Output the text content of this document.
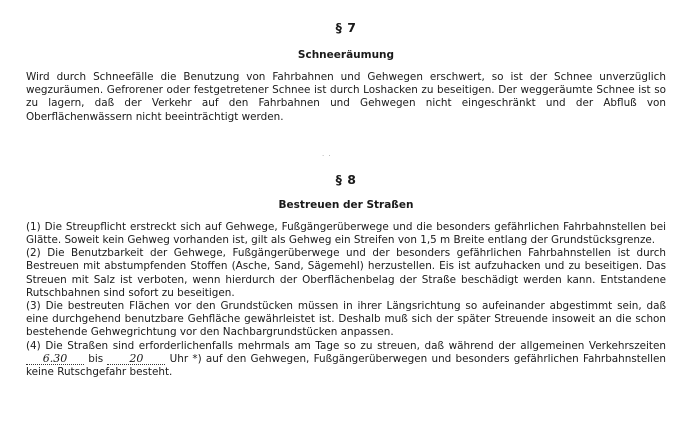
§ 7
Schneeräumung

Wird durch Schneefälle die Benutzung von Fahrbahnen und Gehwegen erschwert, so ist der Schnee unverzüglich wegzuräumen. Gefrorener oder festgetretener Schnee ist durch Loshacken zu beseitigen. Der weggeräumte Schnee ist so zu lagern, daß der Verkehr auf den Fahrbahnen und Gehwegen nicht eingeschränkt und der Abfluß von Oberflächenwässern nicht beeinträchtigt werden.

§ 8
Bestreuen der Straßen

(1) Die Streupflicht erstreckt sich auf Gehwege, Fußgängerüberwege und die besonders gefährlichen Fahrbahnstellen bei Glätte. Soweit kein Gehweg vorhanden ist, gilt als Gehweg ein Streifen von 1,5 m Breite entlang der Grundstücksgrenze.

(2) Die Benutzbarkeit der Gehwege, Fußgängerüberwege und der besonders gefährlichen Fahrbahnstellen ist durch Bestreuen mit abstumpfenden Stoffen (Asche, Sand, Sägemehl) herzustellen. Eis ist aufzuhacken und zu beseitigen. Das Streuen mit Salz ist verboten, wenn hierdurch der Oberflächenbelag der Straße beschädigt werden kann. Entstandene Rutschbahnen sind sofort zu beseitigen.

(3) Die bestreuten Flächen vor den Grundstücken müssen in ihrer Längsrichtung so aufeinander abgestimmt sein, daß eine durchgehend benutzbare Gehfläche gewährleistet ist. Deshalb muß sich der später Streuende insoweit an die schon bestehende Gehwegrichtung vor den Nachbargrundstücken anpassen.

(4) Die Straßen sind erforderlichenfalls mehrmals am Tage so zu streuen, daß während der allgemeinen Verkehrszeiten 6.30 bis 20	Uhr *) auf den Gehwegen, Fußgängerüberwegen und besonders gefährlichen Fahrbahnstellen keine Rutschgefahr besteht.

· ·
